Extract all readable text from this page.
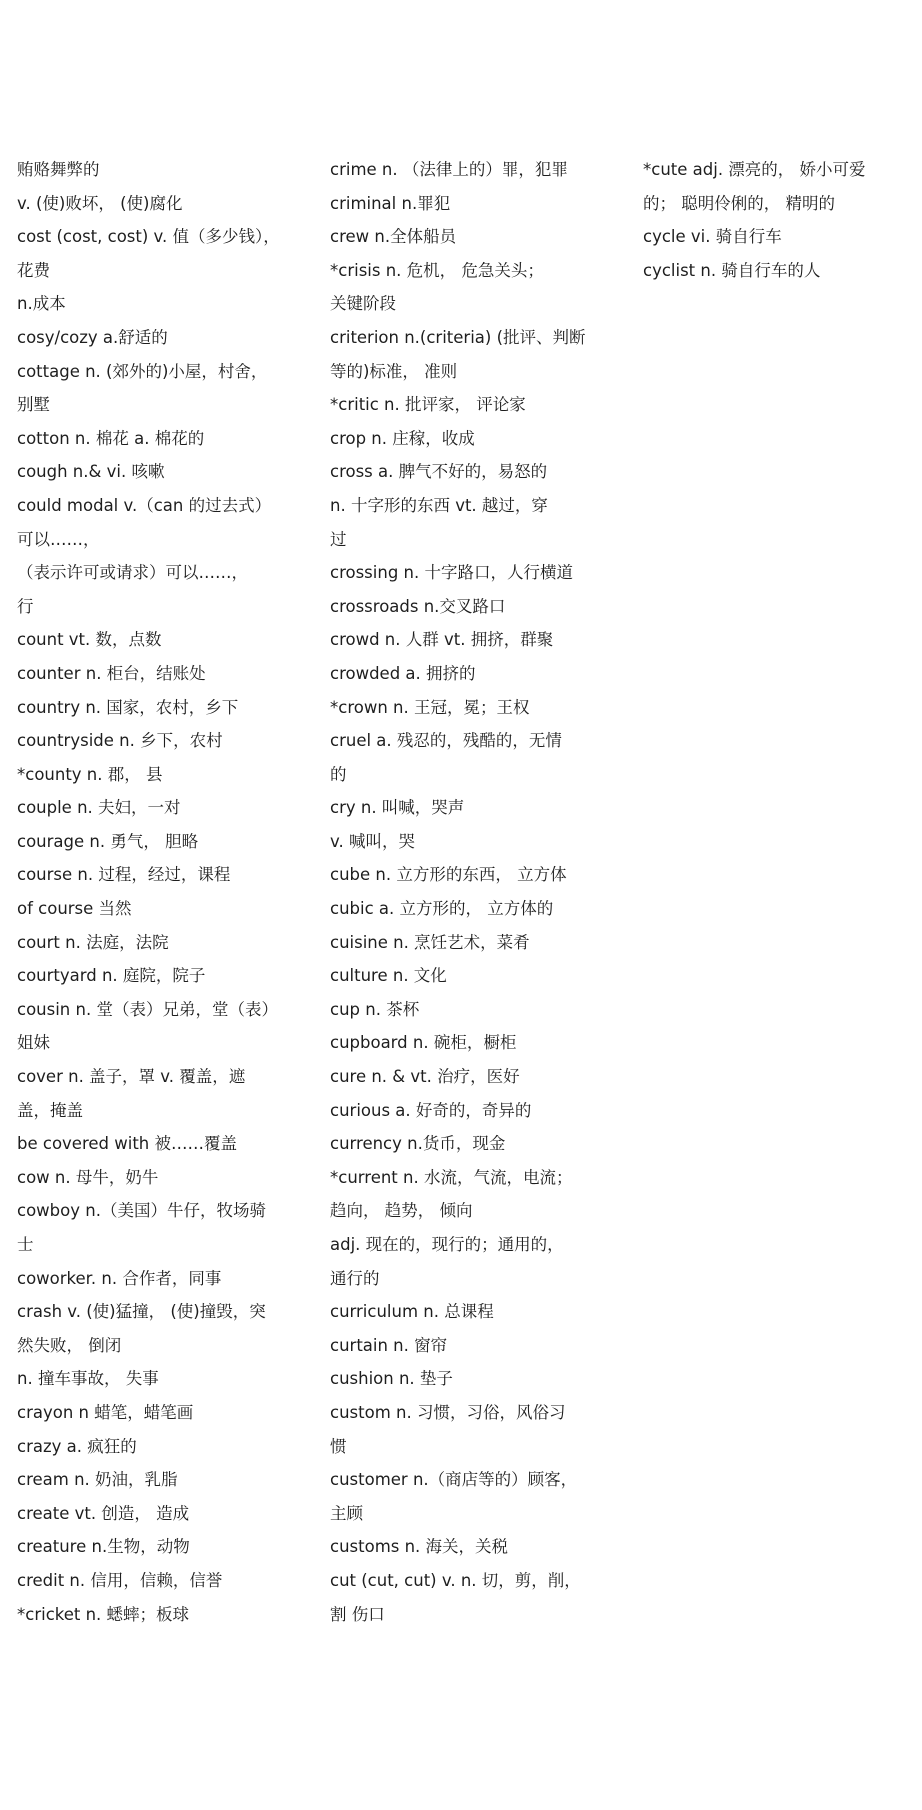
贿赂舞弊的
v. (使)败坏， (使)腐化
cost (cost, cost) v. 值（多少钱），
花费
n.成本
cosy/cozy a.舒适的
cottage n. (郊外的)小屋，村舍，
别墅
cotton n. 棉花 a. 棉花的
cough n.& vi. 咳嗽
could modal v.（can 的过去式）
可以……，
（表示许可或请求）可以……，
行
count vt. 数，点数
counter n. 柜台，结账处
country n. 国家，农村，乡下
countryside n. 乡下，农村
*county n. 郡， 县
couple n. 夫妇，一对
courage n. 勇气， 胆略
course n. 过程，经过，课程
of course 当然
court n. 法庭，法院
courtyard n. 庭院，院子
cousin n. 堂（表）兄弟，堂（表）
姐妹
cover n. 盖子，罩 v. 覆盖，遮
盖，掩盖
be covered with 被……覆盖
cow n. 母牛，奶牛
cowboy n.（美国）牛仔，牧场骑
士
coworker. n. 合作者，同事
crash v. (使)猛撞， (使)撞毁，突
然失败， 倒闭
n. 撞车事故， 失事
crayon n 蜡笔，蜡笔画
crazy a. 疯狂的
cream n. 奶油，乳脂
create vt. 创造， 造成
creature n.生物，动物
credit n. 信用，信赖，信誉
*cricket n. 蟋蟀；板球
crime n. （法律上的）罪，犯罪
criminal n.罪犯
crew n.全体船员
*crisis n. 危机， 危急关头；
关键阶段
criterion n.(criteria) (批评、判断
等的)标准， 准则
*critic n. 批评家， 评论家
crop n. 庄稼，收成
cross a. 脾气不好的，易怒的
n. 十字形的东西 vt. 越过，穿
过
crossing n. 十字路口，人行横道
crossroads n.交叉路口
crowd n. 人群 vt. 拥挤，群聚
crowded a. 拥挤的
*crown n. 王冠，冕；王权
cruel a. 残忍的，残酷的，无情
的
cry n. 叫喊，哭声
v. 喊叫，哭
cube n. 立方形的东西， 立方体
cubic a. 立方形的， 立方体的
cuisine n. 烹饪艺术，菜肴
culture n. 文化
cup n. 茶杯
cupboard n. 碗柜，橱柜
cure n. & vt. 治疗，医好
curious a. 好奇的，奇异的
currency n.货币，现金
*current n. 水流，气流，电流；
趋向， 趋势， 倾向
adj. 现在的，现行的；通用的，
通行的
curriculum n. 总课程
curtain n. 窗帘
cushion n. 垫子
custom n. 习惯，习俗，风俗习
惯
customer n.（商店等的）顾客，
主顾
customs n. 海关，关税
cut (cut, cut) v. n. 切，剪，削，
割 伤口
*cute adj. 漂亮的， 娇小可爱
的； 聪明伶俐的， 精明的
cycle vi. 骑自行车
cyclist n. 骑自行车的人
